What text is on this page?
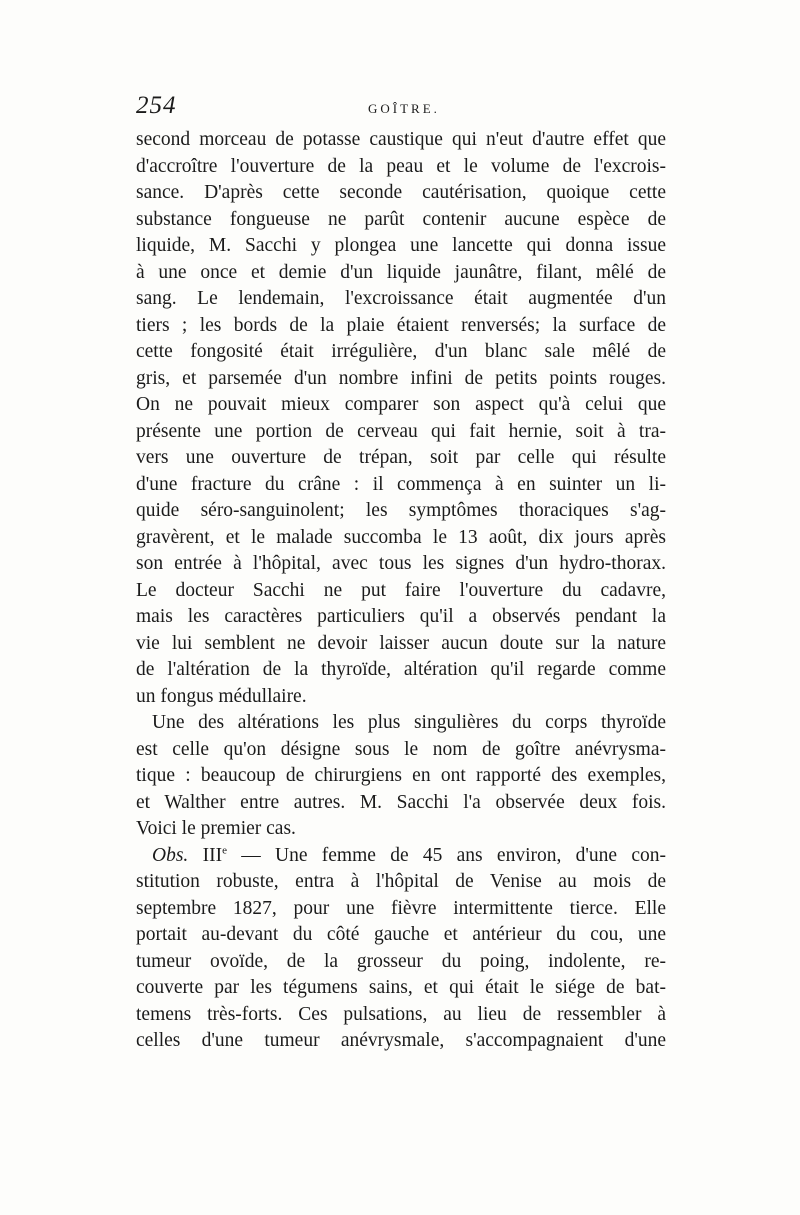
254	GOÎTRE.
second morceau de potasse caustique qui n'eut d'autre effet que
d'accroître l'ouverture de la peau et le volume de l'excrois-
sance. D'après cette seconde cautérisation, quoique cette
substance fongueuse ne parût contenir aucune espèce de
liquide, M. Sacchi y plongea une lancette qui donna issue
à une once et demie d'un liquide jaunâtre, filant, mêlé de
sang. Le lendemain, l'excroissance était augmentée d'un
tiers ; les bords de la plaie étaient renversés; la surface de
cette fongosité était irrégulière, d'un blanc sale mêlé de
gris, et parsemée d'un nombre infini de petits points rouges.
On ne pouvait mieux comparer son aspect qu'à celui que
présente une portion de cerveau qui fait hernie, soit à tra-
vers une ouverture de trépan, soit par celle qui résulte
d'une fracture du crâne : il commença à en suinter un li-
quide séro-sanguinolent; les symptômes thoraciques s'ag-
gravèrent, et le malade succomba le 13 août, dix jours après
son entrée à l'hôpital, avec tous les signes d'un hydro-thorax.
Le docteur Sacchi ne put faire l'ouverture du cadavre,
mais les caractères particuliers qu'il a observés pendant la
vie lui semblent ne devoir laisser aucun doute sur la nature
de l'altération de la thyroïde, altération qu'il regarde comme
un fongus médullaire.
Une des altérations les plus singulières du corps thyroïde
est celle qu'on désigne sous le nom de goître anévrysma-
tique : beaucoup de chirurgiens en ont rapporté des exemples,
et Walther entre autres. M. Sacchi l'a observée deux fois.
Voici le premier cas.
Obs. IIIe — Une femme de 45 ans environ, d'une con-
stitution robuste, entra à l'hôpital de Venise au mois de
septembre 1827, pour une fièvre intermittente tierce. Elle
portait au-devant du côté gauche et antérieur du cou, une
tumeur ovoïde, de la grosseur du poing, indolente, re-
couverte par les tégumens sains, et qui était le siége de bat-
temens très-forts. Ces pulsations, au lieu de ressembler à
celles d'une tumeur anévrysmale, s'accompagnaient d'une
